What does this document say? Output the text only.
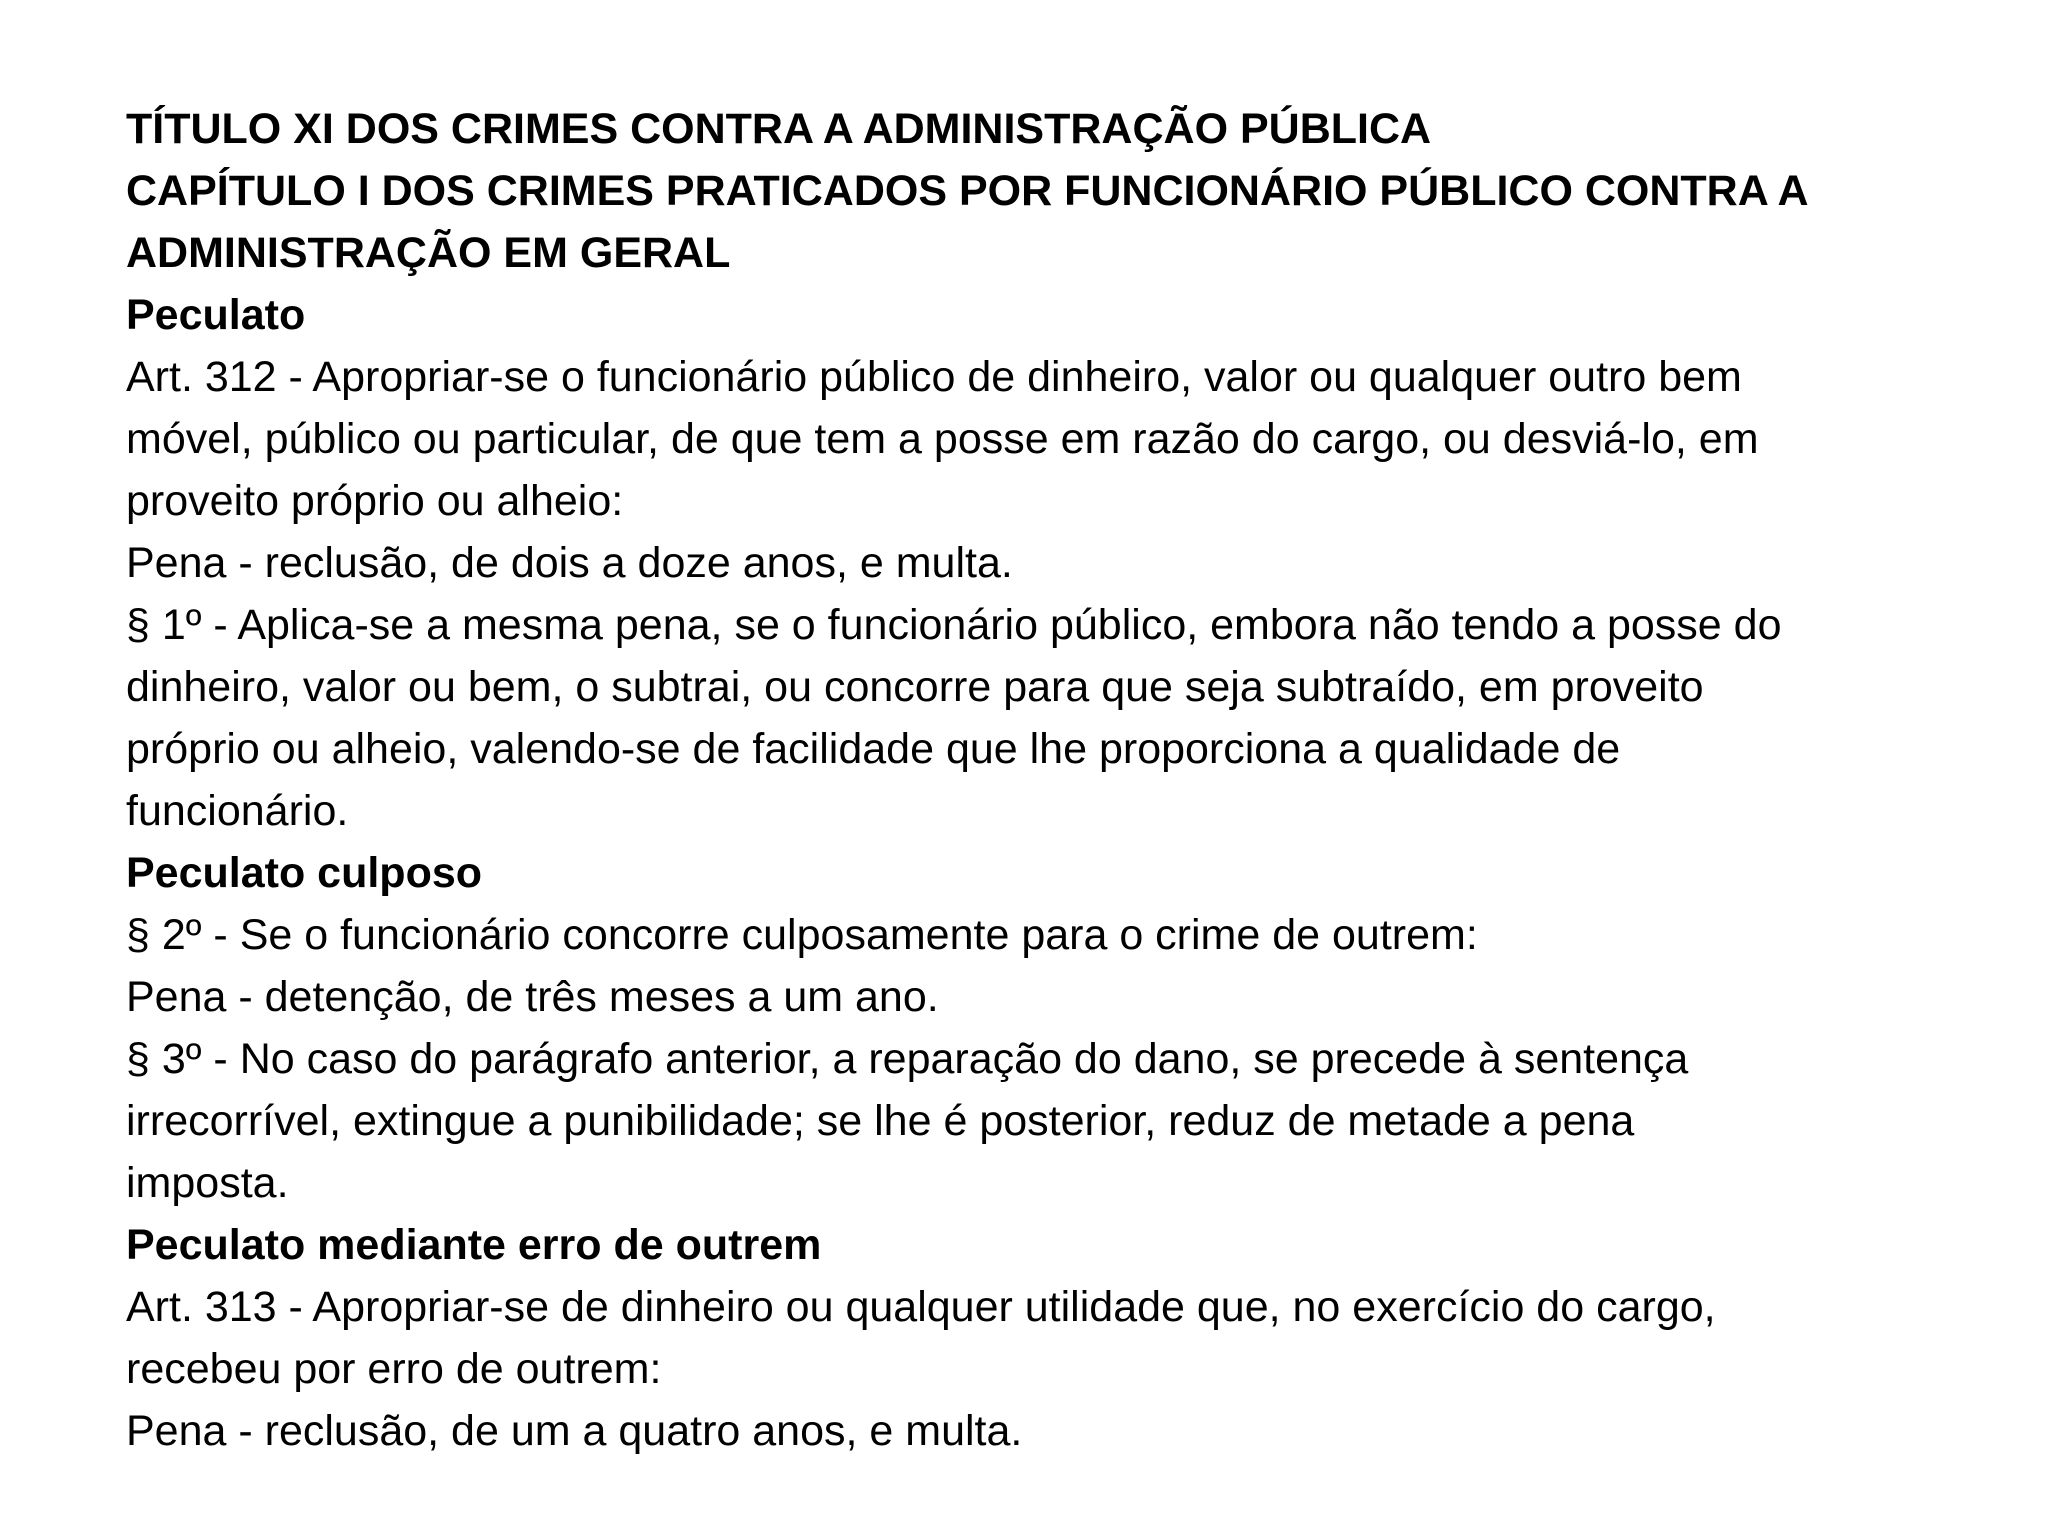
TÍTULO XI DOS CRIMES CONTRA A ADMINISTRAÇÃO PÚBLICA
CAPÍTULO I DOS CRIMES PRATICADOS POR FUNCIONÁRIO PÚBLICO CONTRA A
ADMINISTRAÇÃO EM GERAL
Peculato
Art. 312 - Apropriar-se o funcionário público de dinheiro, valor ou qualquer outro bem
móvel, público ou particular, de que tem a posse em razão do cargo, ou desviá-lo, em
proveito próprio ou alheio:
Pena - reclusão, de dois a doze anos, e multa.
§ 1º - Aplica-se a mesma pena, se o funcionário público, embora não tendo a posse do
dinheiro, valor ou bem, o subtrai, ou concorre para que seja subtraído, em proveito
próprio ou alheio, valendo-se de facilidade que lhe proporciona a qualidade de
funcionário.
Peculato culposo
§ 2º - Se o funcionário concorre culposamente para o crime de outrem:
Pena - detenção, de três meses a um ano.
§ 3º - No caso do parágrafo anterior, a reparação do dano, se precede à sentença
irrecorrível, extingue a punibilidade; se lhe é posterior, reduz de metade a pena
imposta.
Peculato mediante erro de outrem
Art. 313 - Apropriar-se de dinheiro ou qualquer utilidade que, no exercício do cargo,
recebeu por erro de outrem:
Pena - reclusão, de um a quatro anos, e multa.
